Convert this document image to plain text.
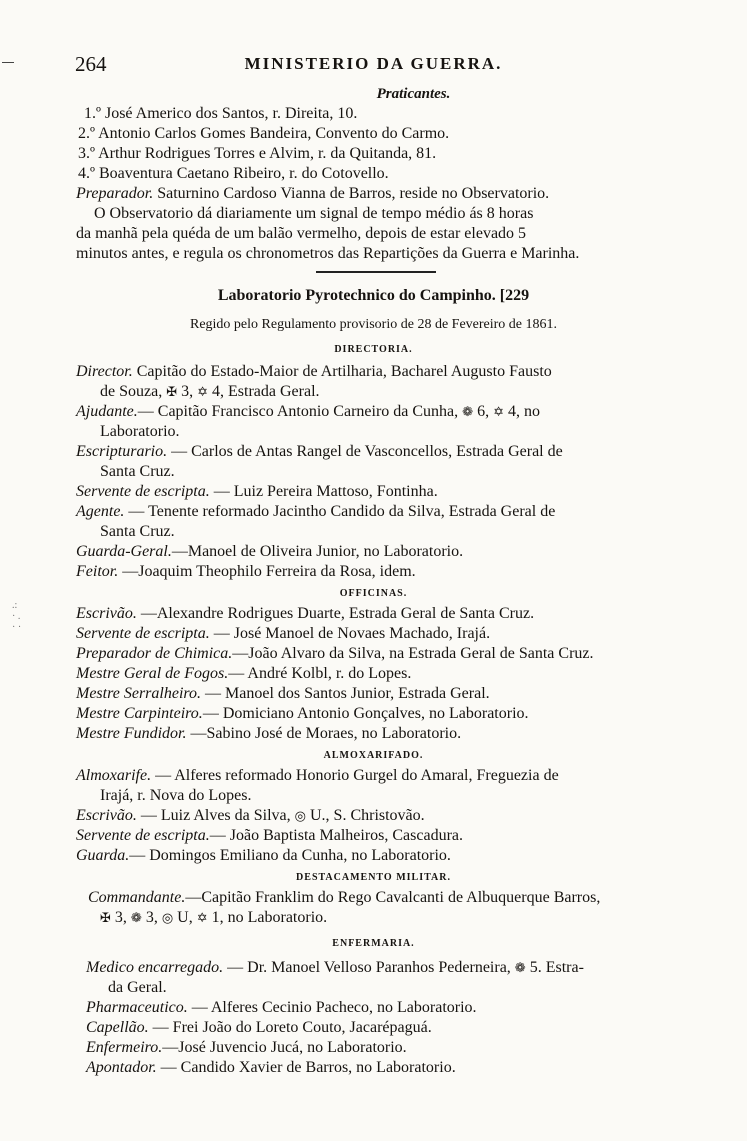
264	MINISTERIO DA GUERRA.
Praticantes.
1.º José Americo dos Santos, r. Direita, 10.
2.º Antonio Carlos Gomes Bandeira, Convento do Carmo.
3.º Arthur Rodrigues Torres e Alvim, r. da Quitanda, 81.
4.º Boaventura Caetano Ribeiro, r. do Cotovello.
Preparador. Saturnino Cardoso Vianna de Barros, reside no Observatorio.
O Observatorio dá diariamente um signal de tempo médio ás 8 horas
da manhã pela quéda de um balão vermelho, depois de estar elevado 5
minutos antes, e regula os chronometros das Repartições da Guerra e Marinha.
Laboratorio Pyrotechnico do Campinho. [229
Regido pelo Regulamento provisorio de 28 de Fevereiro de 1861.
DIRECTORIA.
Director. Capitão do Estado-Maior de Artilharia, Bacharel Augusto Fausto
de Souza, ✠ 3, ✡ 4, Estrada Geral.
Ajudante.— Capitão Francisco Antonio Carneiro da Cunha, ❁ 6, ✡ 4, no
Laboratorio.
Escripturario. — Carlos de Antas Rangel de Vasconcellos, Estrada Geral de
Santa Cruz.
Servente de escripta. — Luiz Pereira Mattoso, Fontinha.
Agente. — Tenente reformado Jacintho Candido da Silva, Estrada Geral de
Santa Cruz.
Guarda-Geral.—Manoel de Oliveira Junior, no Laboratorio.
Feitor. —Joaquim Theophilo Ferreira da Rosa, idem.
OFFICINAS.
.:
· .
· ·
Escrivão. —Alexandre Rodrigues Duarte, Estrada Geral de Santa Cruz.
Servente de escripta. — José Manoel de Novaes Machado, Irajá.
Preparador de Chimica.—João Alvaro da Silva, na Estrada Geral de Santa Cruz.
Mestre Geral de Fogos.— André Kolbl, r. do Lopes.
Mestre Serralheiro. — Manoel dos Santos Junior, Estrada Geral.
Mestre Carpinteiro.— Domiciano Antonio Gonçalves, no Laboratorio.
Mestre Fundidor. —Sabino José de Moraes, no Laboratorio.
ALMOXARIFADO.
Almoxarife. — Alferes reformado Honorio Gurgel do Amaral, Freguezia de
Irajá, r. Nova do Lopes.
Escrivão. — Luiz Alves da Silva, ◎ U., S. Christovão.
Servente de escripta.— João Baptista Malheiros, Cascadura.
Guarda.— Domingos Emiliano da Cunha, no Laboratorio.
DESTACAMENTO MILITAR.
Commandante.—Capitão Franklim do Rego Cavalcanti de Albuquerque Barros,
✠ 3, ❁ 3, ◎ U, ✡ 1, no Laboratorio.
ENFERMARIA.
Medico encarregado. — Dr. Manoel Velloso Paranhos Pederneira, ❁ 5. Estra-
da Geral.
Pharmaceutico. — Alferes Cecinio Pacheco, no Laboratorio.
Capellão. — Frei João do Loreto Couto, Jacarépaguá.
Enfermeiro.—José Juvencio Jucá, no Laboratorio.
Apontador. — Candido Xavier de Barros, no Laboratorio.
